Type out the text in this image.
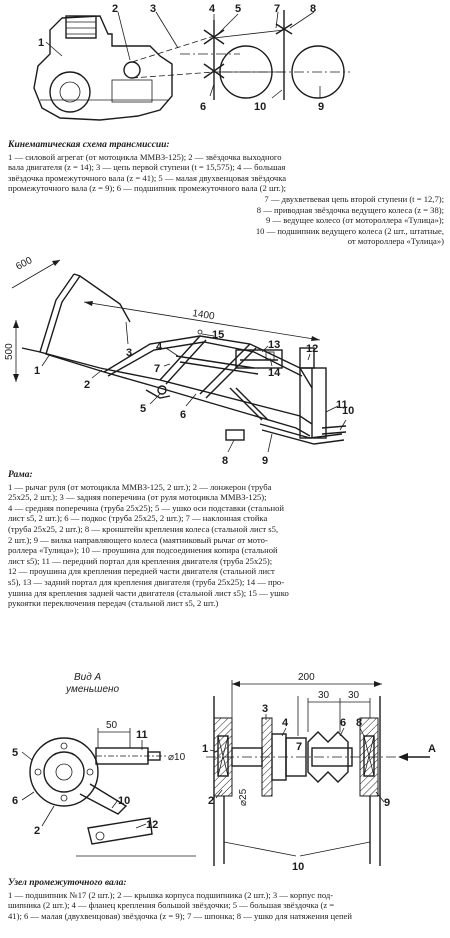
1
2	3	4 5
6
7	8
9
10
Кинематическая схема трансмиссии:
1 — силовой агрегат (от мотоцикла ММВЗ-125); 2 — звёздочка выходного
вала двигателя (z = 14); 3 — цепь первой ступени (t = 15,575); 4 — большая
звёздочка промежуточного вала (z = 41); 5 — малая двухвенцовая звёздочка
промежуточного вала (z = 9); 6 — подшипник промежуточного вала (2 шт.);
7 — двухветвевая цепь второй ступени (t = 12,7);
8 — приводная звёздочка ведущего колеса (z = 38);
9 — ведущее колесо (от мотороллера «Тулица»);
10 — подшипник ведущего колеса (2 шт., штатные,
от мотороллера «Тулица»)
600
1400
500
1
2
3 4
5	6
7
8	9
10
11
12
13
14
15
Рама:
1 — рычаг руля (от мотоцикла ММВЗ-125, 2 шт.); 2 — лонжерон (труба
25х25, 2 шт.); 3 — задняя поперечина (от руля мотоцикла ММВЗ-125);
4 — средняя поперечина (труба 25х25); 5 — ушко оси подставки (стальной
лист s5, 2 шт.); 6 — подкос (труба 25х25, 2 шт.); 7 — наклонная стойка
(труба 25х25, 2 шт.); 8 — кронштейн крепления колеса (стальной лист s5,
2 шт.); 9 — вилка направляющего колеса (маятниковый рычаг от мото-
роллера «Тулица»); 10 — проушина для подсоединения копира (стальной
лист s5); 11 — передний портал для крепления двигателя (труба 25х25);
12 — проушина для крепления передней части двигателя (стальной лист
s5), 13 — задний портал для крепления двигателя (труба 25х25); 14 — про-
ушина для крепления задней части двигателя (стальной лист s5); 15 — ушко
рукоятки переключения передач (стальной лист s5, 2 шт.)
Вид А
уменьшено
50
⌀10
А
200
30 30
⌀25
5
6
2
11
10
12
1
2
3
4	6
7
8
9
10
Узел промежуточного вала:
1 — подшипник №17 (2 шт.); 2 — крышка корпуса подшипника (2 шт.); 3 — корпус под-
шипника (2 шт.); 4 — фланец крепления большой звёздочки; 5 — большая звёздочка (z =
41); 6 — малая (двухвенцовая) звёздочка (z = 9); 7 — шпонка; 8 — ушко для натяжения цепей
